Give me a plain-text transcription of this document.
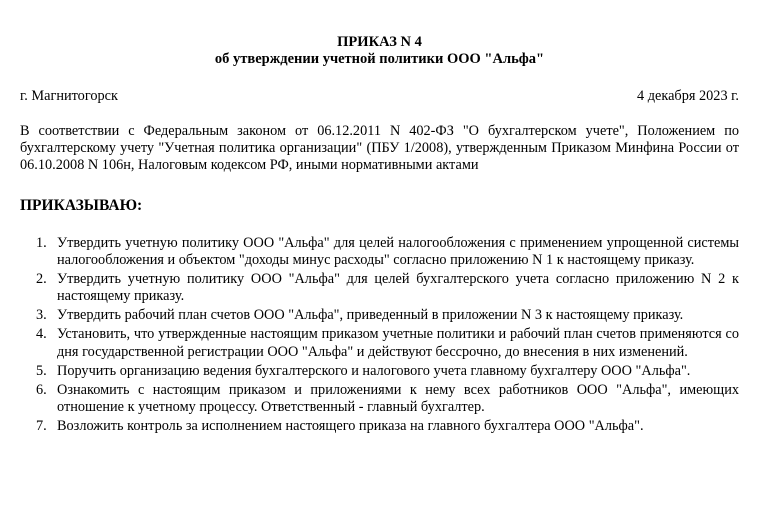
ПРИКАЗ N 4
об утверждении учетной политики ООО "Альфа"
г. Магнитогорск	4 декабря 2023 г.
В соответствии с Федеральным законом от 06.12.2011 N 402-ФЗ "О бухгалтерском учете", Положением по бухгалтерскому учету "Учетная политика организации" (ПБУ 1/2008), утвержденным Приказом Минфина России от 06.10.2008 N 106н, Налоговым кодексом РФ, иными нормативными актами
ПРИКАЗЫВАЮ:
1. Утвердить учетную политику ООО "Альфа" для целей налогообложения с применением упрощенной системы налогообложения и объектом "доходы минус расходы" согласно приложению N 1 к настоящему приказу.
2. Утвердить учетную политику ООО "Альфа" для целей бухгалтерского учета согласно приложению N 2 к настоящему приказу.
3. Утвердить рабочий план счетов ООО "Альфа", приведенный в приложении N 3 к настоящему приказу.
4. Установить, что утвержденные настоящим приказом учетные политики и рабочий план счетов применяются со дня государственной регистрации ООО "Альфа" и действуют бессрочно, до внесения в них изменений.
5. Поручить организацию ведения бухгалтерского и налогового учета главному бухгалтеру ООО "Альфа".
6. Ознакомить с настоящим приказом и приложениями к нему всех работников ООО "Альфа", имеющих отношение к учетному процессу. Ответственный - главный бухгалтер.
7. Возложить контроль за исполнением настоящего приказа на главного бухгалтера ООО "Альфа".
